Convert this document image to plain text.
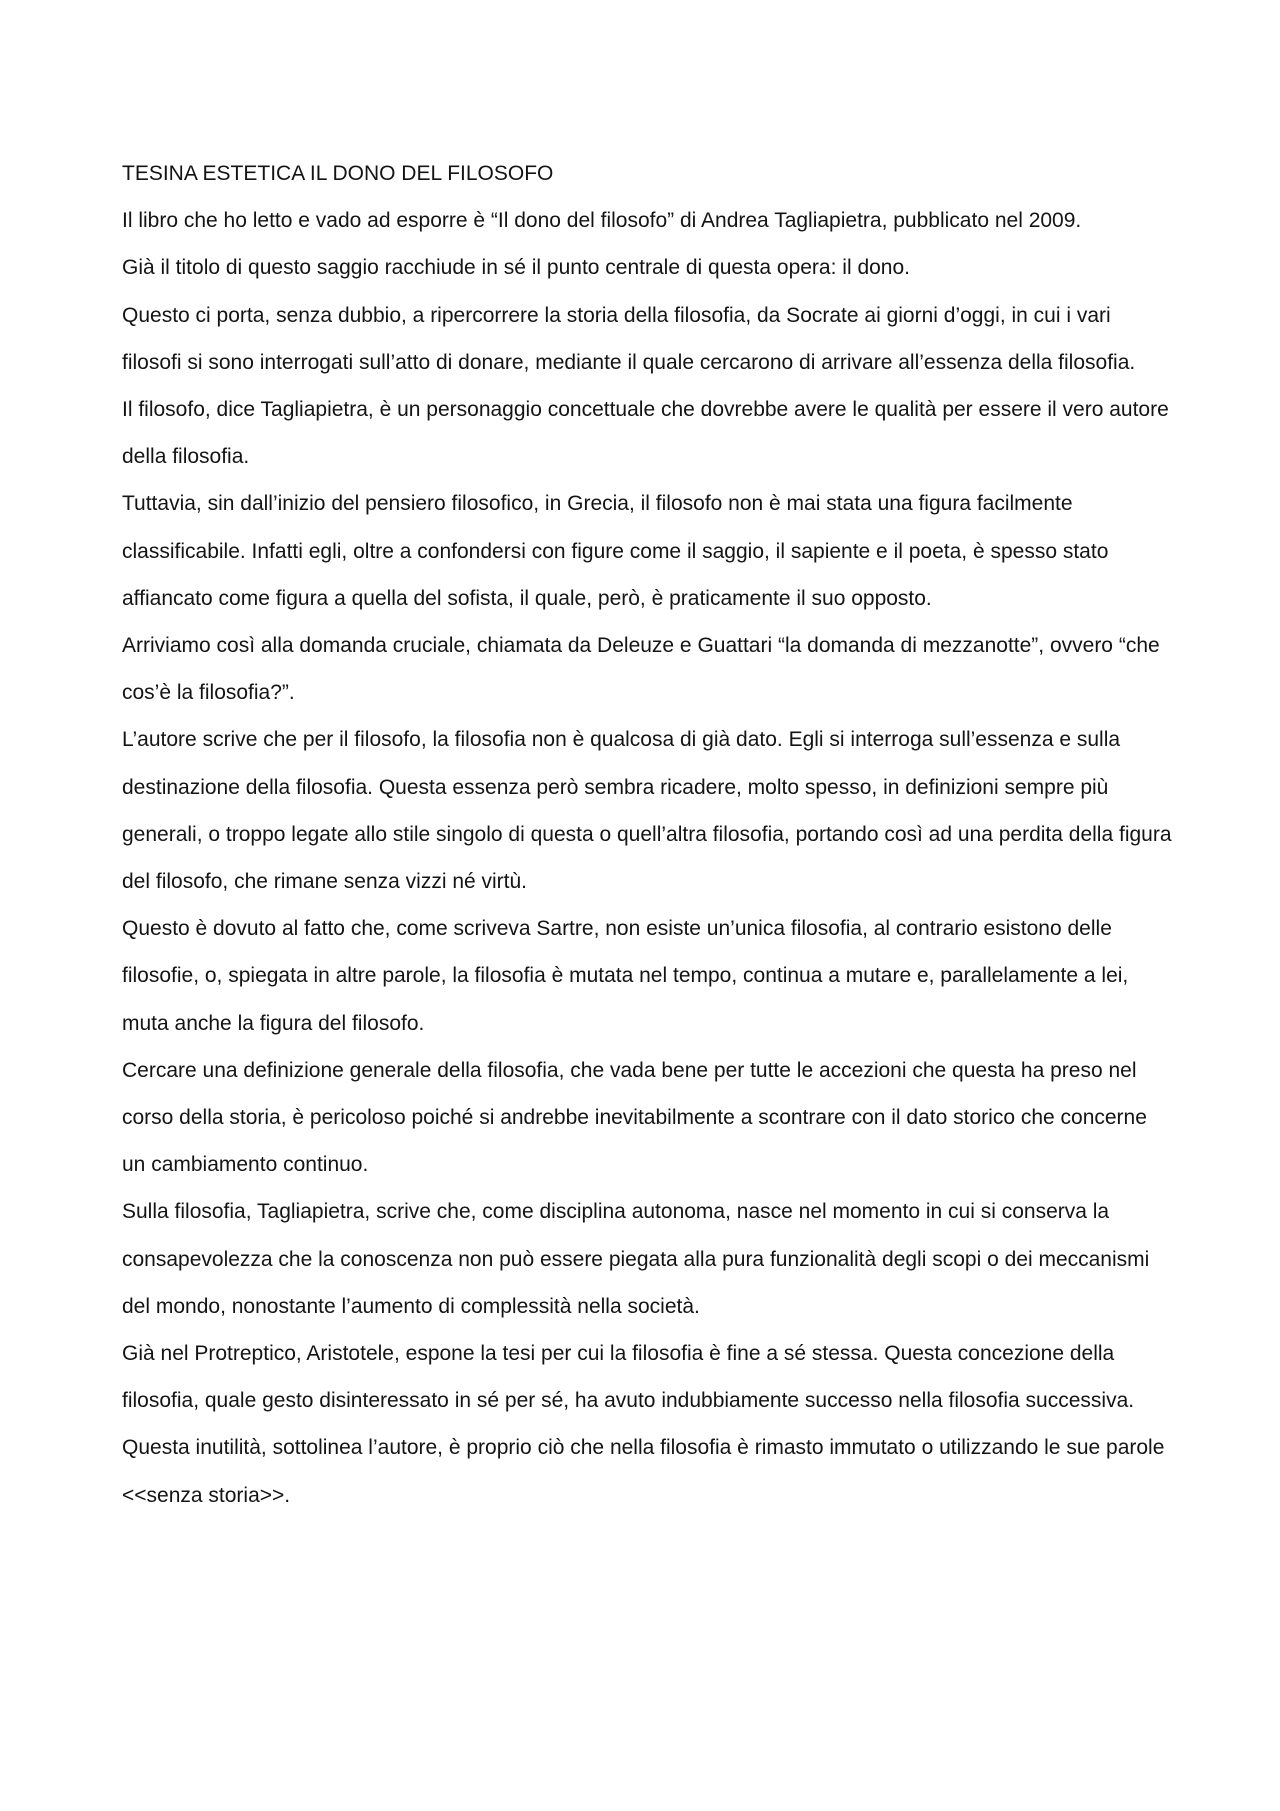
TESINA ESTETICA IL DONO DEL FILOSOFO

Il libro che ho letto e vado ad esporre è “Il dono del filosofo” di Andrea Tagliapietra, pubblicato nel 2009.

Già il titolo di questo saggio racchiude in sé il punto centrale di questa opera: il dono.

Questo ci porta, senza dubbio, a ripercorrere la storia della filosofia, da Socrate ai giorni d’oggi, in cui i vari filosofi si sono interrogati sull’atto di donare, mediante il quale cercarono di arrivare all’essenza della filosofia.

Il filosofo, dice Tagliapietra, è un personaggio concettuale che dovrebbe avere le qualità per essere il vero autore della filosofia.

Tuttavia, sin dall’inizio del pensiero filosofico, in Grecia, il filosofo non è mai stata una figura facilmente classificabile. Infatti egli, oltre a confondersi con figure come il saggio, il sapiente e il poeta, è spesso stato affiancato come figura a quella del sofista, il quale, però, è praticamente il suo opposto.

Arriviamo così alla domanda cruciale, chiamata da Deleuze e Guattari “la domanda di mezzanotte”, ovvero “che cos’è la filosofia?”.

L’autore scrive che per il filosofo, la filosofia non è qualcosa di già dato. Egli si interroga sull’essenza e sulla destinazione della filosofia. Questa essenza però sembra ricadere, molto spesso, in definizioni sempre più generali, o troppo legate allo stile singolo di questa o quell’altra filosofia, portando così ad una perdita della figura del filosofo, che rimane senza vizzi né virtù.

Questo è dovuto al fatto che, come scriveva Sartre, non esiste un’unica filosofia, al contrario esistono delle filosofie, o, spiegata in altre parole, la filosofia è mutata nel tempo, continua a mutare e, parallelamente a lei, muta anche la figura del filosofo.

Cercare una definizione generale della filosofia, che vada bene per tutte le accezioni che questa ha preso nel corso della storia, è pericoloso poiché si andrebbe inevitabilmente a scontrare con il dato storico che concerne un cambiamento continuo.

Sulla filosofia, Tagliapietra, scrive che, come disciplina autonoma, nasce nel momento in cui si conserva la consapevolezza che la conoscenza non può essere piegata alla pura funzionalità degli scopi o dei meccanismi del mondo, nonostante l’aumento di complessità nella società.

Già nel Protreptico, Aristotele, espone la tesi per cui la filosofia è fine a sé stessa. Questa concezione della filosofia, quale gesto disinteressato in sé per sé, ha avuto indubbiamente successo nella filosofia successiva. Questa inutilità, sottolinea l’autore, è proprio ciò che nella filosofia è rimasto immutato o utilizzando le sue parole <<senza storia>>.
